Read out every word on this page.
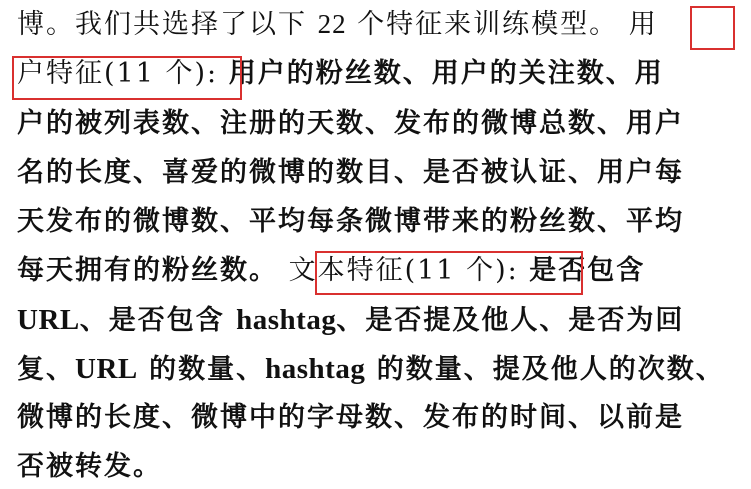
博。我们共选择了以下 22 个特征来训练模型。 用
户特征(11 个): 用户的粉丝数、用户的关注数、用
户的被列表数、注册的天数、发布的微博总数、用户
名的长度、喜爱的微博的数目、是否被认证、用户每
天发布的微博数、平均每条微博带来的粉丝数、平均
每天拥有的粉丝数。 文本特征(11 个): 是否包含
URL、是否包含 hashtag、是否提及他人、是否为回
复、URL 的数量、hashtag 的数量、提及他人的次数、
微博的长度、微博中的字母数、发布的时间、以前是
否被转发。
